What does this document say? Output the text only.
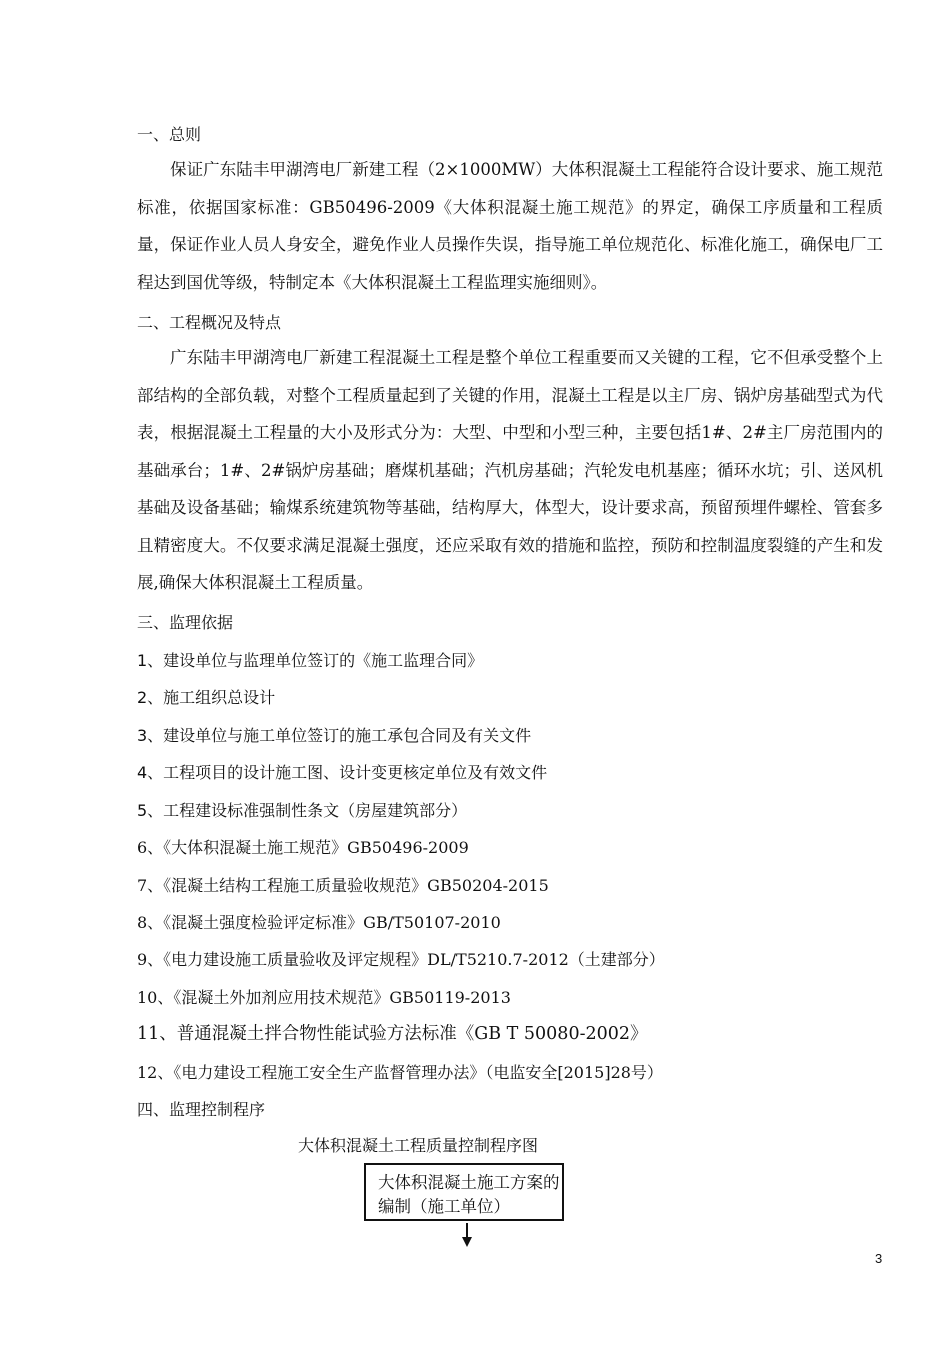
一、总则

保证广东陆丰甲湖湾电厂新建工程（2×1000MW）大体积混凝土工程能符合设计要求、施工规范标准，依据国家标准：GB50496-2009《大体积混凝土施工规范》的界定，确保工序质量和工程质量，保证作业人员人身安全，避免作业人员操作失误，指导施工单位规范化、标准化施工，确保电厂工程达到国优等级，特制定本《大体积混凝土工程监理实施细则》。

二、工程概况及特点

广东陆丰甲湖湾电厂新建工程混凝土工程是整个单位工程重要而又关键的工程，它不但承受整个上部结构的全部负载，对整个工程质量起到了关键的作用，混凝土工程是以主厂房、锅炉房基础型式为代表，根据混凝土工程量的大小及形式分为：大型、中型和小型三种，主要包括1#、2#主厂房范围内的基础承台；1#、2#锅炉房基础；磨煤机基础；汽机房基础；汽轮发电机基座；循环水坑；引、送风机基础及设备基础；输煤系统建筑物等基础，结构厚大，体型大，设计要求高，预留预埋件螺栓、管套多且精密度大。不仅要求满足混凝土强度，还应采取有效的措施和监控，预防和控制温度裂缝的产生和发展,确保大体积混凝土工程质量。

三、监理依据
1、建设单位与监理单位签订的《施工监理合同》
2、施工组织总设计
3、建设单位与施工单位签订的施工承包合同及有关文件
4、工程项目的设计施工图、设计变更核定单位及有效文件
5、工程建设标准强制性条文（房屋建筑部分）
6、《大体积混凝土施工规范》GB50496-2009
7、《混凝土结构工程施工质量验收规范》GB50204-2015
8、《混凝土强度检验评定标准》GB/T50107-2010
9、《电力建设施工质量验收及评定规程》DL/T5210.7-2012（土建部分）
10、《混凝土外加剂应用技术规范》GB50119-2013
11、普通混凝土拌合物性能试验方法标准《GB T 50080-2002》
12、《电力建设工程施工安全生产监督管理办法》（电监安全[2015]28号）
四、监理控制程序
大体积混凝土工程质量控制程序图
大体积混凝土施工方案的编制（施工单位）
3
